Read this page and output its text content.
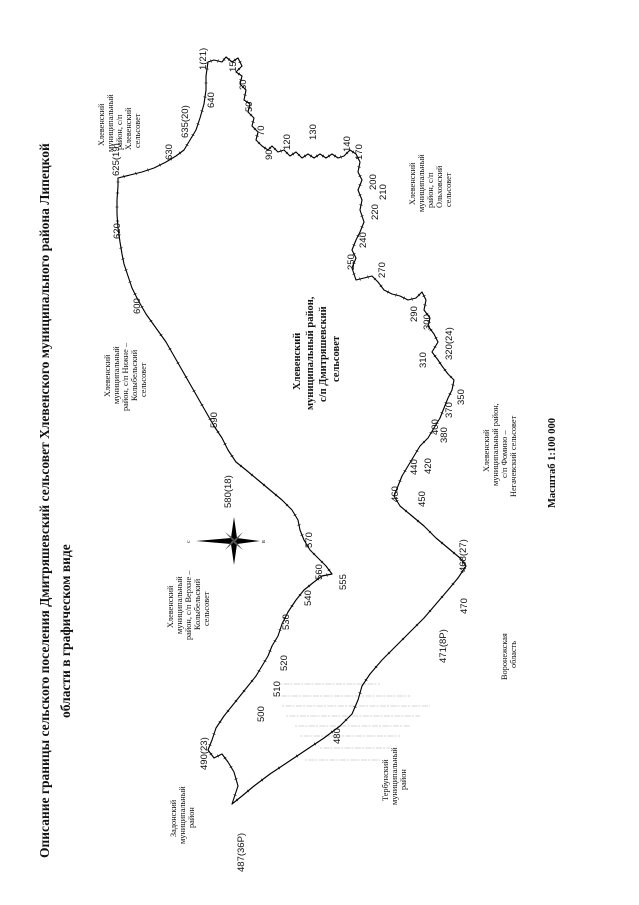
Описание границы сельского поселения Дмитряшевский сельсовет Хлевенского муниципального района Липецкой области в графическом виде
Масштаб 1:100 000
Хлевенский муниципальный район, с/п Дмитряшевский сельсовет
Хлевенский муниципальный район, с/п Хлевенский сельсовет
Хлевенский муниципальный район, с/п Ольховский сельсовет
Хлевенский муниципальный район, с/п Нижне – Колыбельский сельсовет
Хлевенский муниципальный район, с/п Верхне – Колыбельский сельсовет
Хлевенский муниципальный район, с/п Фомино – Негачевский сельсовет
Воронежская область
Задонский муниципальный район
Тербунский муниципальный район
с	в
1(21) 15
30
50
70
90
120
130
140
170
200
210
220
240
250
270
290
300
310
320(24)
350
370
380
400
420
440
450
460
468(27)
470
471(8Р)
480
487(36Р)
490(23)
500
510
520
530
540
555
560
570
580(18)
590
600
620
625(19)	630
635(20)
640
